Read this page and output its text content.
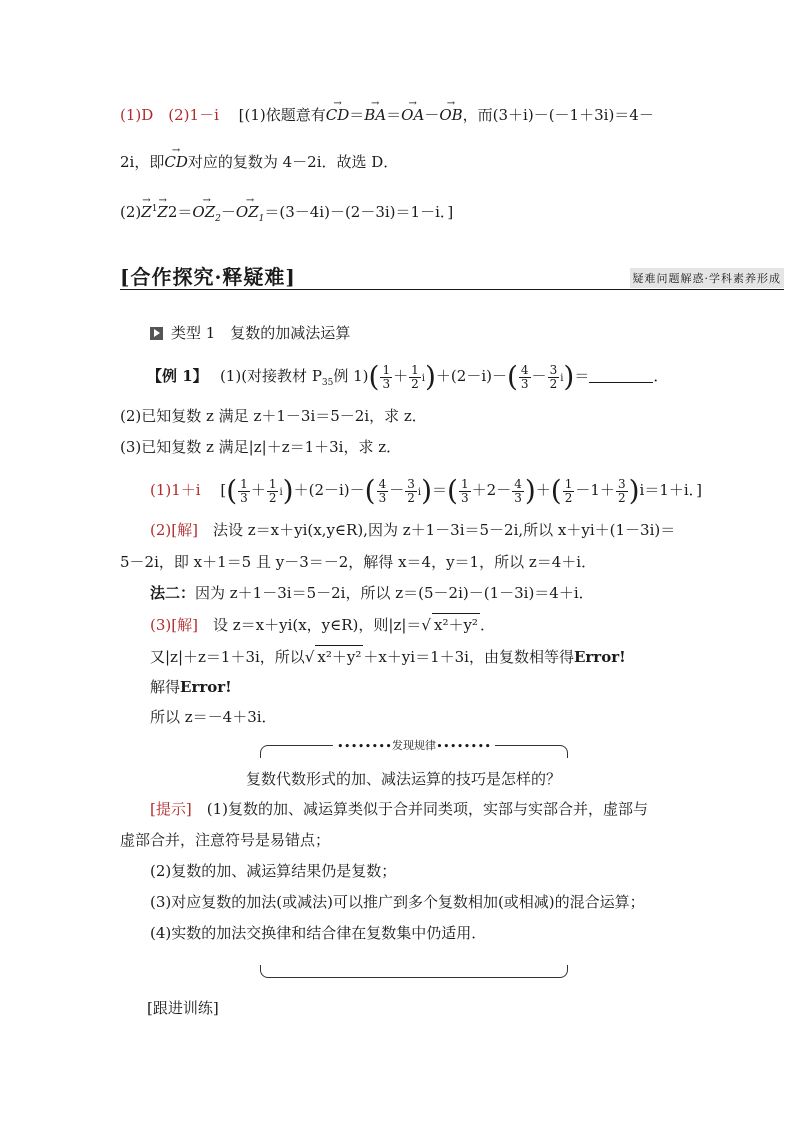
(1)D　(2)1－i　 [(1)依题意有→ CD＝→ BA＝→ OA－→ OB，而(3＋i)－(－1＋3i)＝4－
2i，即→ CD对应的复数为 4－2i．故选 D．
$(2)\to Z^1\to Z2=\to OZ_2-\to OZ_1=(3-4i)-(2-3i)=1-i$．]
[合作探究·释疑难]	疑难问题解惑·学科素养形成
类型 1　复数的加减法运算
【例 1】　 (1)(对接教材 $P_{35}$例 $1)( \frac{1}{3} + \frac{1}{2} i)+(2-i)-( \frac{4}{3} - \frac{3}{2} i)=$	．
(2)已知复数 z 满足 z＋1－3i＝5－2i，求 z．
(3)已知复数 z 满足|z|＋z＝1＋3i，求 z．
(1)1＋i　 [( $\frac{1}{3} + \frac{1}{2} i)+(2-i)-( \frac{4}{3} - \frac{3}{2} i)=( \frac{1}{3} +2- \frac{4}{3}$ )＋( $\frac{1}{2} -1+ \frac{3}{2} )i=1+i$．]
(2)[解]　 法设 z＝x＋yi(x,y∈R),因为 z＋1－3i＝5－2i,所以 x＋yi＋(1－3i)＝
5－2i，即 x＋1＝5 且 y－3＝－2，解得 x＝4，y＝1，所以 z＝4＋i．
法二：因为 z＋1－3i＝5－2i，所以 z＝(5－2i)－(1－3i)＝4＋i．
(3)[解]　 设 z＝x＋yi(x，y∈R)，则|z|＝√ x²＋y² ．
又|z|＋z＝1＋3i，所以√ x²＋y² ＋x＋yi＝1＋3i，由复数相等得Error!
解得Error!
所以 z＝－4＋3i．
∙∙∙∙∙∙∙∙发现规律∙∙∙∙∙∙∙∙
复数代数形式的加、减法运算的技巧是怎样的？
[提示]　 (1)复数的加、减运算类似于合并同类项，实部与实部合并，虚部与
虚部合并，注意符号是易错点；
(2)复数的加、减运算结果仍是复数；
(3)对应复数的加法(或减法)可以推广到多个复数相加(或相减)的混合运算；
(4)实数的加法交换律和结合律在复数集中仍适用．
[跟进训练]
